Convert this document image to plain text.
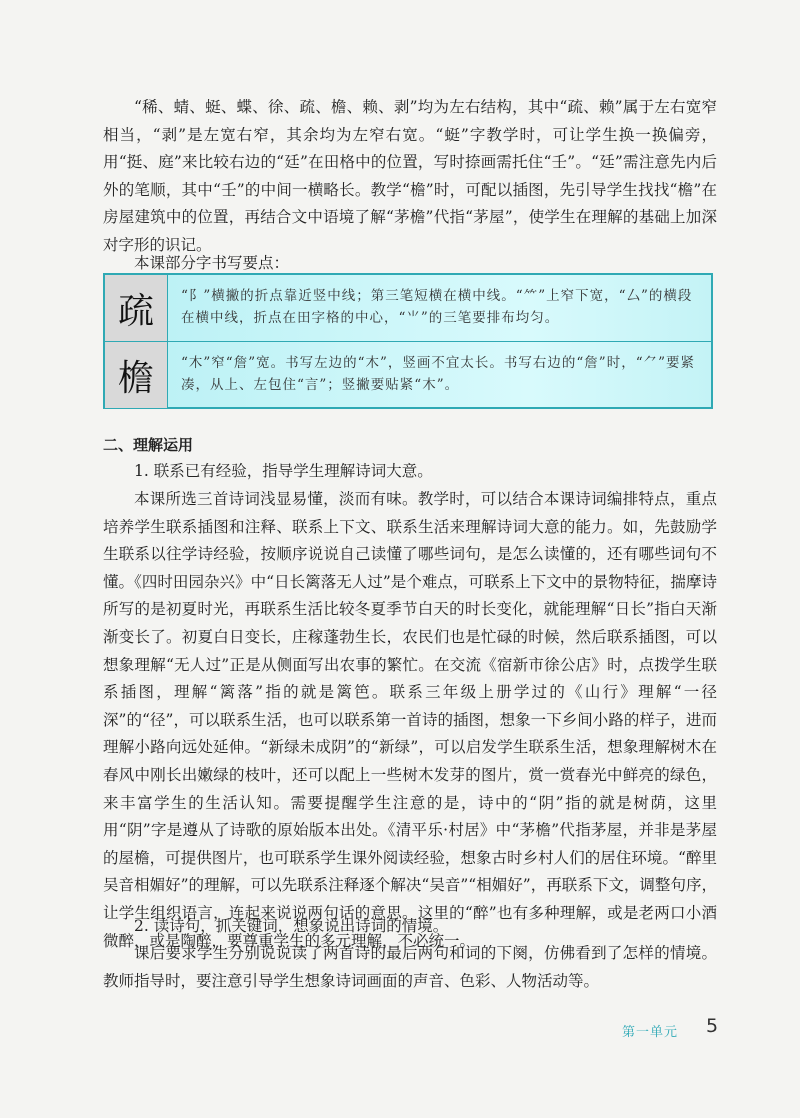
“稀、蜻、蜓、蝶、徐、疏、檐、赖、剥”均为左右结构，其中“疏、赖”属于左右宽窄相当，“剥”是左宽右窄，其余均为左窄右宽。“蜓”字教学时，可让学生换一换偏旁，用“挺、庭”来比较右边的“廷”在田格中的位置，写时捺画需托住“壬”。“廷”需注意先内后外的笔顺，其中“壬”的中间一横略长。教学“檐”时，可配以插图，先引导学生找找“檐”在房屋建筑中的位置，再结合文中语境了解“茅檐”代指“茅屋”，使学生在理解的基础上加深对字形的识记。

本课部分字书写要点：

疏	“⻖”横撇的折点靠近竖中线；第三笔短横在横中线。“⺮”上窄下宽，“厶”的横段在横中线，折点在田字格的中心，“⺌”的三笔要排布均匀。
檐	“木”窄“詹”宽。书写左边的“木”，竖画不宜太长。书写右边的“詹”时，“⺈”要紧凑，从上、左包住“言”；竖撇要贴紧“木”。
二、理解运用

1. 联系已有经验，指导学生理解诗词大意。

本课所选三首诗词浅显易懂，淡而有味。教学时，可以结合本课诗词编排特点，重点培养学生联系插图和注释、联系上下文、联系生活来理解诗词大意的能力。如，先鼓励学生联系以往学诗经验，按顺序说说自己读懂了哪些词句，是怎么读懂的，还有哪些词句不懂。《四时田园杂兴》中“日长篱落无人过”是个难点，可联系上下文中的景物特征，揣摩诗所写的是初夏时光，再联系生活比较冬夏季节白天的时长变化，就能理解“日长”指白天渐渐变长了。初夏白日变长，庄稼蓬勃生长，农民们也是忙碌的时候，然后联系插图，可以想象理解“无人过”正是从侧面写出农事的繁忙。在交流《宿新市徐公店》时，点拨学生联系插图，理解“篱落”指的就是篱笆。联系三年级上册学过的《山行》理解“一径深”的“径”，可以联系生活，也可以联系第一首诗的插图，想象一下乡间小路的样子，进而理解小路向远处延伸。“新绿未成阴”的“新绿”，可以启发学生联系生活，想象理解树木在春风中刚长出嫩绿的枝叶，还可以配上一些树木发芽的图片，赏一赏春光中鲜亮的绿色，来丰富学生的生活认知。需要提醒学生注意的是，诗中的“阴”指的就是树荫，这里用“阴”字是遵从了诗歌的原始版本出处。《清平乐·村居》中“茅檐”代指茅屋，并非是茅屋的屋檐，可提供图片，也可联系学生课外阅读经验，想象古时乡村人们的居住环境。“醉里吴音相媚好”的理解，可以先联系注释逐个解决“吴音”“相媚好”，再联系下文，调整句序，让学生组织语言，连起来说说两句话的意思。这里的“醉”也有多种理解，或是老两口小酒微醉，或是陶醉，要尊重学生的多元理解，不必统一。

2. 读诗句，抓关键词，想象说出诗词的情境。

课后要求学生分别说说读了两首诗的最后两句和词的下阕，仿佛看到了怎样的情境。教师指导时，要注意引导学生想象诗词画面的声音、色彩、人物活动等。

第一单元 5
